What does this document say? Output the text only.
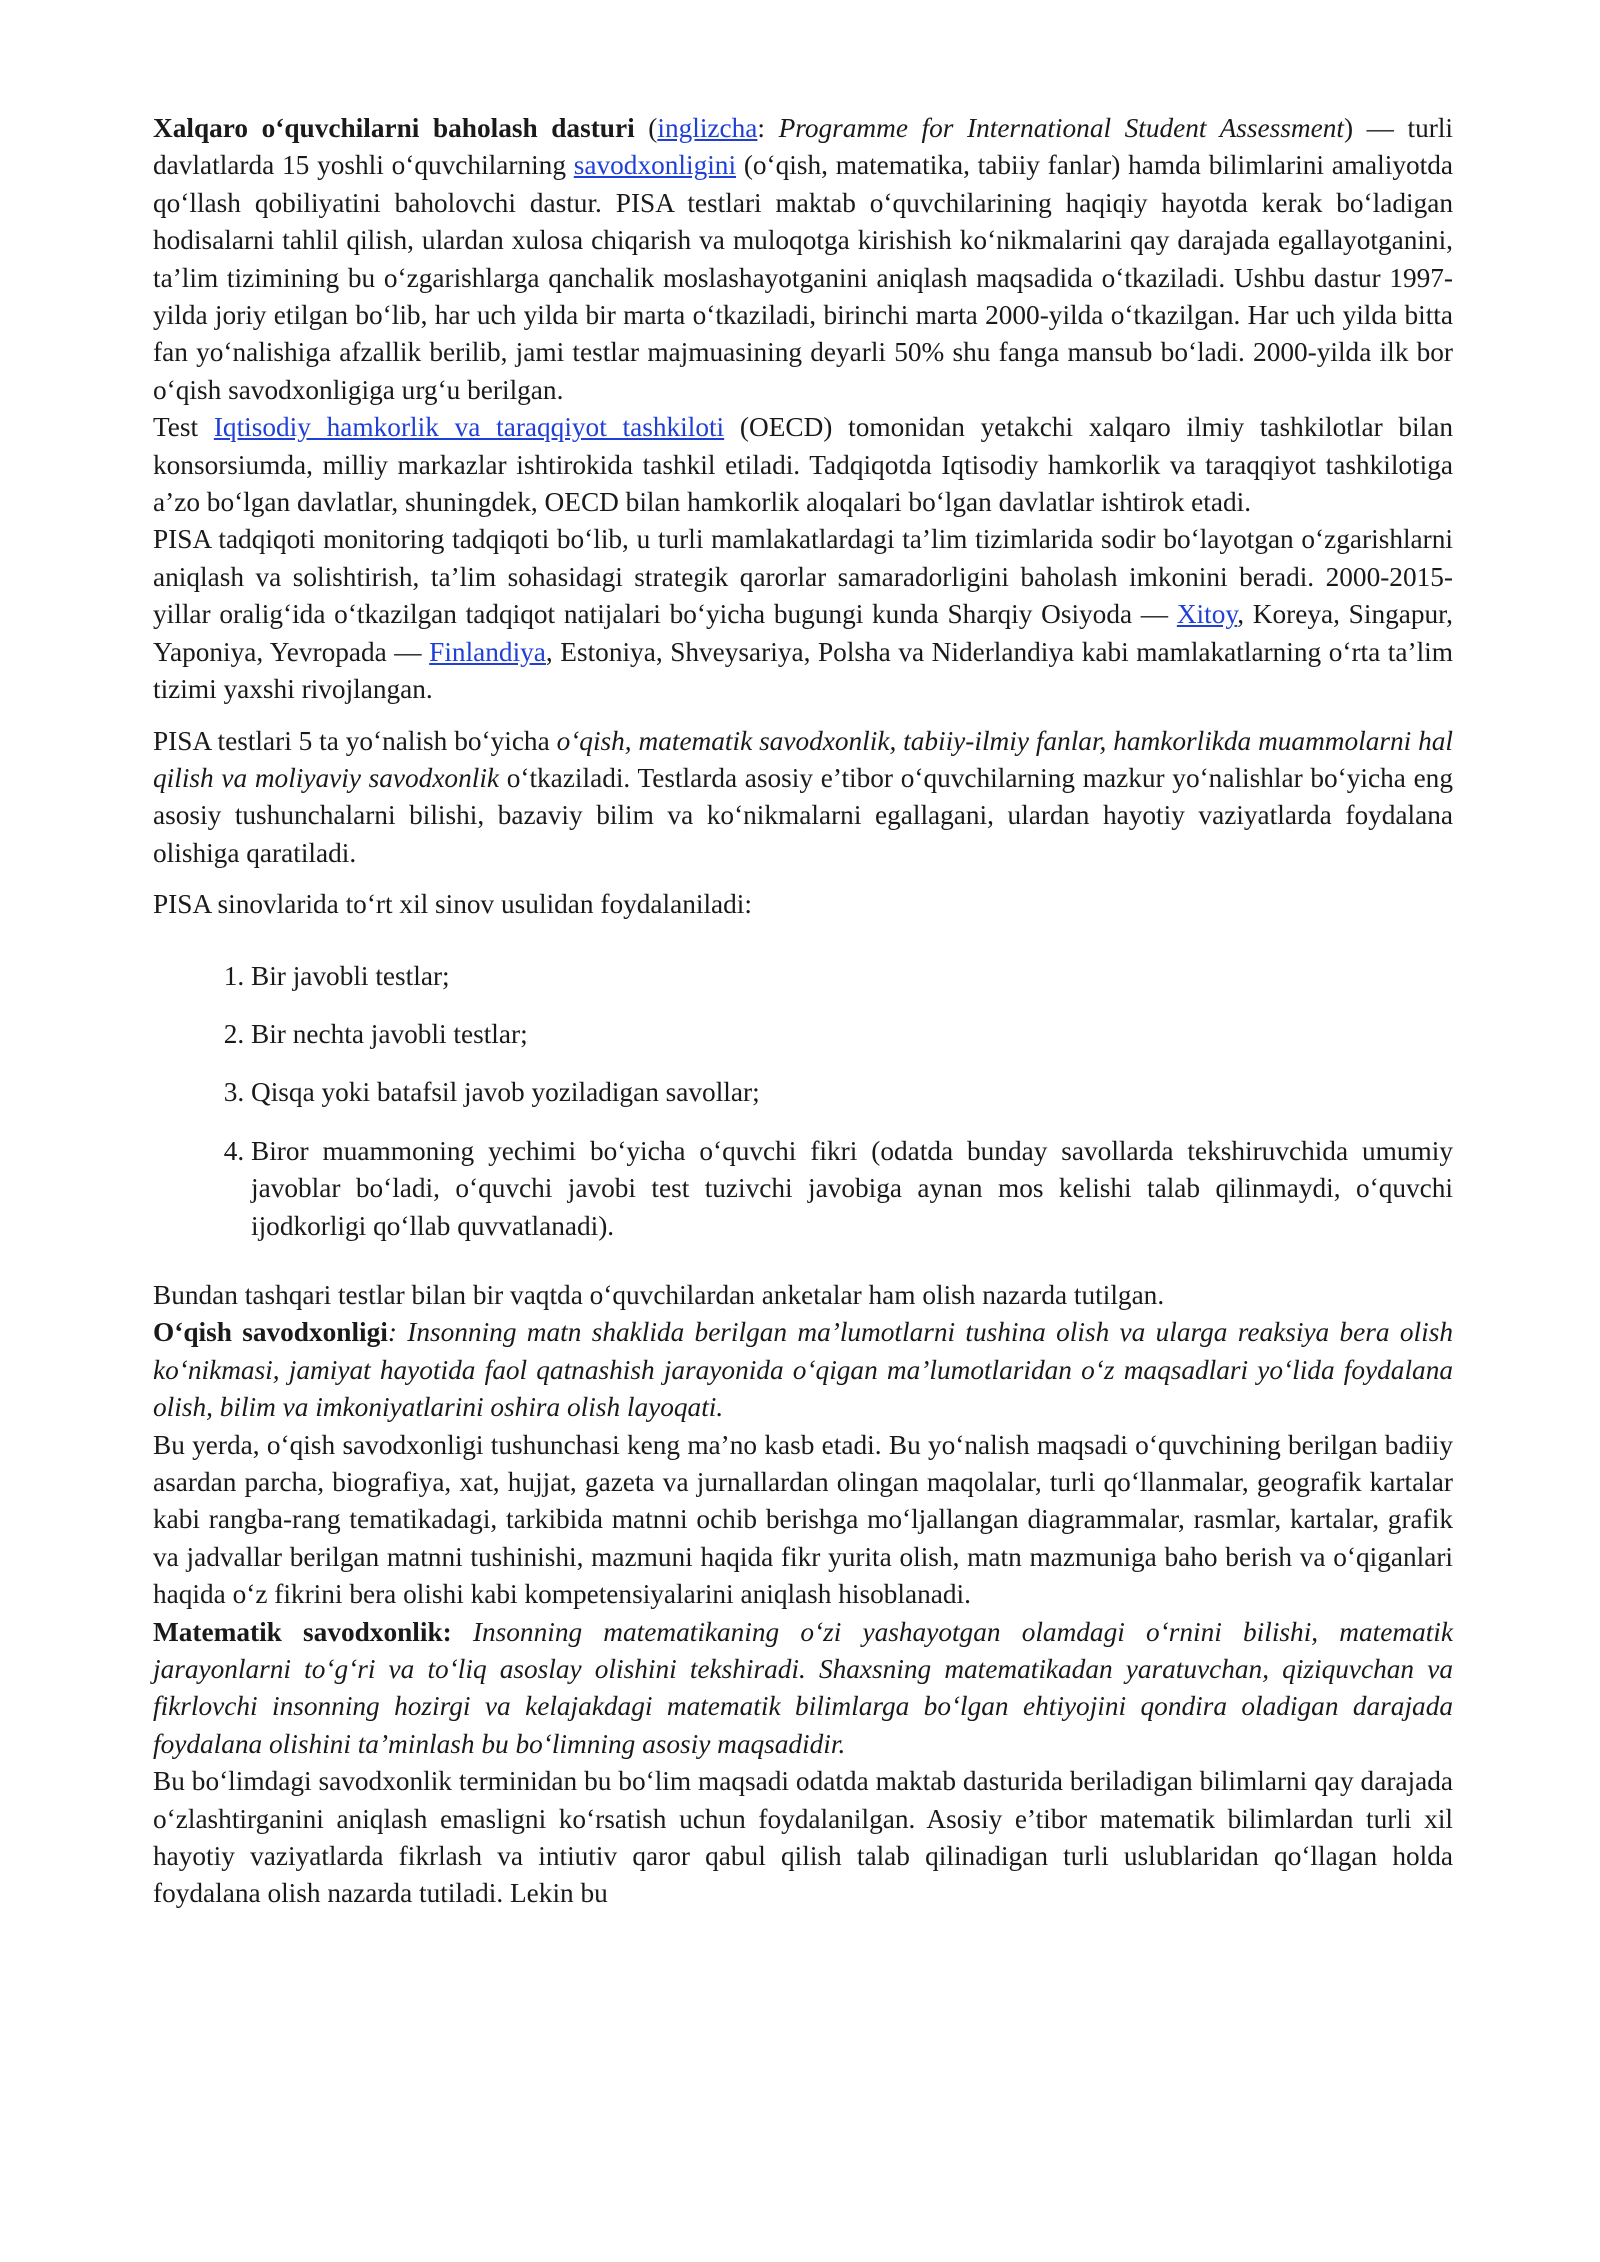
Xalqaro o‘quvchilarni baholash dasturi (inglizcha: Programme for International Student Assessment) — turli davlatlarda 15 yoshli o‘quvchilarning savodxonligini (o‘qish, matematika, tabiiy fanlar) hamda bilimlarini amaliyotda qo‘llash qobiliyatini baholovchi dastur. PISA testlari maktab o‘quvchilarining haqiqiy hayotda kerak bo‘ladigan hodisalarni tahlil qilish, ulardan xulosa chiqarish va muloqotga kirishish ko‘nikmalarini qay darajada egallayotganini, ta’lim tizimining bu o‘zgarishlarga qanchalik moslashayotganini aniqlash maqsadida o‘tkaziladi. Ushbu dastur 1997-yilda joriy etilgan bo‘lib, har uch yilda bir marta o‘tkaziladi, birinchi marta 2000-yilda o‘tkazilgan. Har uch yilda bitta fan yo‘nalishiga afzallik berilib, jami testlar majmuasining deyarli 50% shu fanga mansub bo‘ladi. 2000-yilda ilk bor o‘qish savodxonligiga urg‘u berilgan.

Test Iqtisodiy hamkorlik va taraqqiyot tashkiloti (OECD) tomonidan yetakchi xalqaro ilmiy tashkilotlar bilan konsorsiumda, milliy markazlar ishtirokida tashkil etiladi. Tadqiqotda Iqtisodiy hamkorlik va taraqqiyot tashkilotiga a’zo bo‘lgan davlatlar, shuningdek, OECD bilan hamkorlik aloqalari bo‘lgan davlatlar ishtirok etadi.

PISA tadqiqoti monitoring tadqiqoti bo‘lib, u turli mamlakatlardagi ta’lim tizimlarida sodir bo‘layotgan o‘zgarishlarni aniqlash va solishtirish, ta’lim sohasidagi strategik qarorlar samaradorligini baholash imkonini beradi. 2000-2015-yillar oralig‘ida o‘tkazilgan tadqiqot natijalari bo‘yicha bugungi kunda Sharqiy Osiyoda — Xitoy, Koreya, Singapur, Yaponiya, Yevropada — Finlandiya, Estoniya, Shveysariya, Polsha va Niderlandiya kabi mamlakatlarning o‘rta ta’lim tizimi yaxshi rivojlangan.

PISA testlari 5 ta yo‘nalish bo‘yicha o‘qish, matematik savodxonlik, tabiiy-ilmiy fanlar, hamkorlikda muammolarni hal qilish va moliyaviy savodxonlik o‘tkaziladi. Testlarda asosiy e’tibor o‘quvchilarning mazkur yo‘nalishlar bo‘yicha eng asosiy tushunchalarni bilishi, bazaviy bilim va ko‘nikmalarni egallagani, ulardan hayotiy vaziyatlarda foydalana olishiga qaratiladi.

PISA sinovlarida to‘rt xil sinov usulidan foydalaniladi:

1. Bir javobli testlar;
2. Bir nechta javobli testlar;
3. Qisqa yoki batafsil javob yoziladigan savollar;
4. Biror muammoning yechimi bo‘yicha o‘quvchi fikri (odatda bunday savollarda tekshiruvchida umumiy javoblar bo‘ladi, o‘quvchi javobi test tuzivchi javobiga aynan mos kelishi talab qilinmaydi, o‘quvchi ijodkorligi qo‘llab quvvatlanadi).

Bundan tashqari testlar bilan bir vaqtda o‘quvchilardan anketalar ham olish nazarda tutilgan.

O‘qish savodxonligi: Insonning matn shaklida berilgan ma’lumotlarni tushina olish va ularga reaksiya bera olish ko‘nikmasi, jamiyat hayotida faol qatnashish jarayonida o‘qigan ma’lumotlaridan o‘z maqsadlari yo‘lida foydalana olish, bilim va imkoniyatlarini oshira olish layoqati.

Bu yerda, o‘qish savodxonligi tushunchasi keng ma’no kasb etadi. Bu yo‘nalish maqsadi o‘quvchining berilgan badiiy asardan parcha, biografiya, xat, hujjat, gazeta va jurnallardan olingan maqolalar, turli qo‘llanmalar, geografik kartalar kabi rangba-rang tematikadagi, tarkibida matnni ochib berishga mo‘ljallangan diagrammalar, rasmlar, kartalar, grafik va jadvallar berilgan matnni tushinishi, mazmuni haqida fikr yurita olish, matn mazmuniga baho berish va o‘qiganlari haqida o‘z fikrini bera olishi kabi kompetensiyalarini aniqlash hisoblanadi.

Matematik savodxonlik: Insonning matematikaning o‘zi yashayotgan olamdagi o‘rnini bilishi, matematik jarayonlarni to‘g‘ri va to‘liq asoslay olishini tekshiradi. Shaxsning matematikadan yaratuvchan, qiziquvchan va fikrlovchi insonning hozirgi va kelajakdagi matematik bilimlarga bo‘lgan ehtiyojini qondira oladigan darajada foydalana olishini ta’minlash bu bo‘limning asosiy maqsadidir.

Bu bo‘limdagi savodxonlik terminidan bu bo‘lim maqsadi odatda maktab dasturida beriladigan bilimlarni qay darajada o‘zlashtirganini aniqlash emasligni ko‘rsatish uchun foydalanilgan. Asosiy e’tibor matematik bilimlardan turli xil hayotiy vaziyatlarda fikrlash va intiutiv qaror qabul qilish talab qilinadigan turli uslublaridan qo‘llagan holda foydalana olish nazarda tutiladi. Lekin bu
